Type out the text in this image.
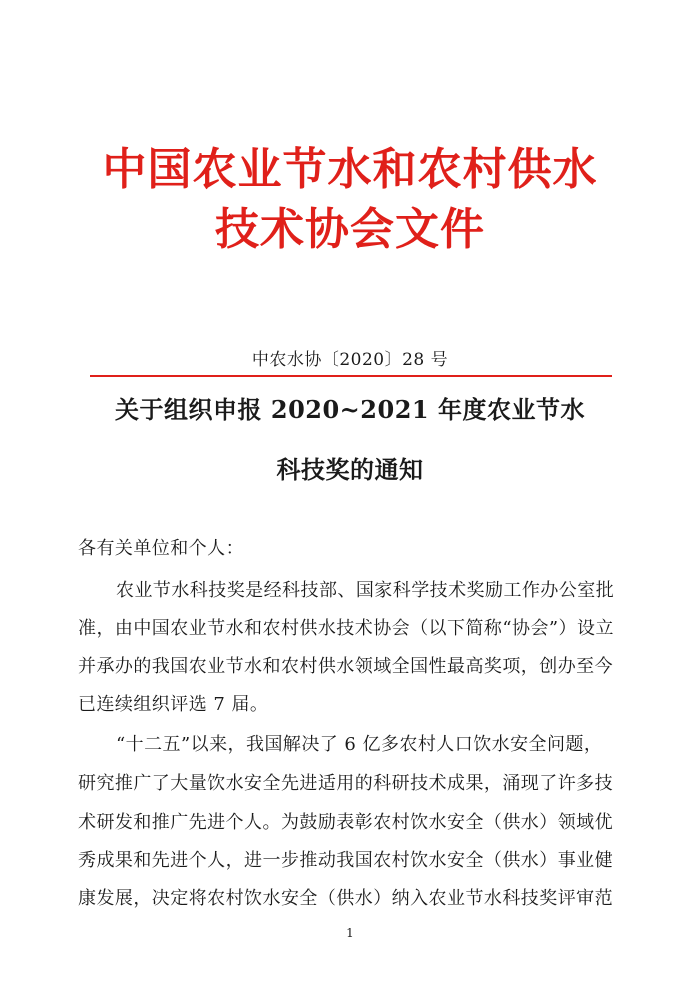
中国农业节水和农村供水
技术协会文件
中农水协〔2020〕28 号
关于组织申报 2020~2021 年度农业节水
科技奖的通知
各有关单位和个人：
农业节水科技奖是经科技部、国家科学技术奖励工作办公室批
准，由中国农业节水和农村供水技术协会（以下简称“协会”）设立
并承办的我国农业节水和农村供水领域全国性最高奖项，创办至今
已连续组织评选 7 届。
“十二五”以来，我国解决了 6 亿多农村人口饮水安全问题，
研究推广了大量饮水安全先进适用的科研技术成果，涌现了许多技
术研发和推广先进个人。为鼓励表彰农村饮水安全（供水）领域优
秀成果和先进个人，进一步推动我国农村饮水安全（供水）事业健
康发展，决定将农村饮水安全（供水）纳入农业节水科技奖评审范
1
